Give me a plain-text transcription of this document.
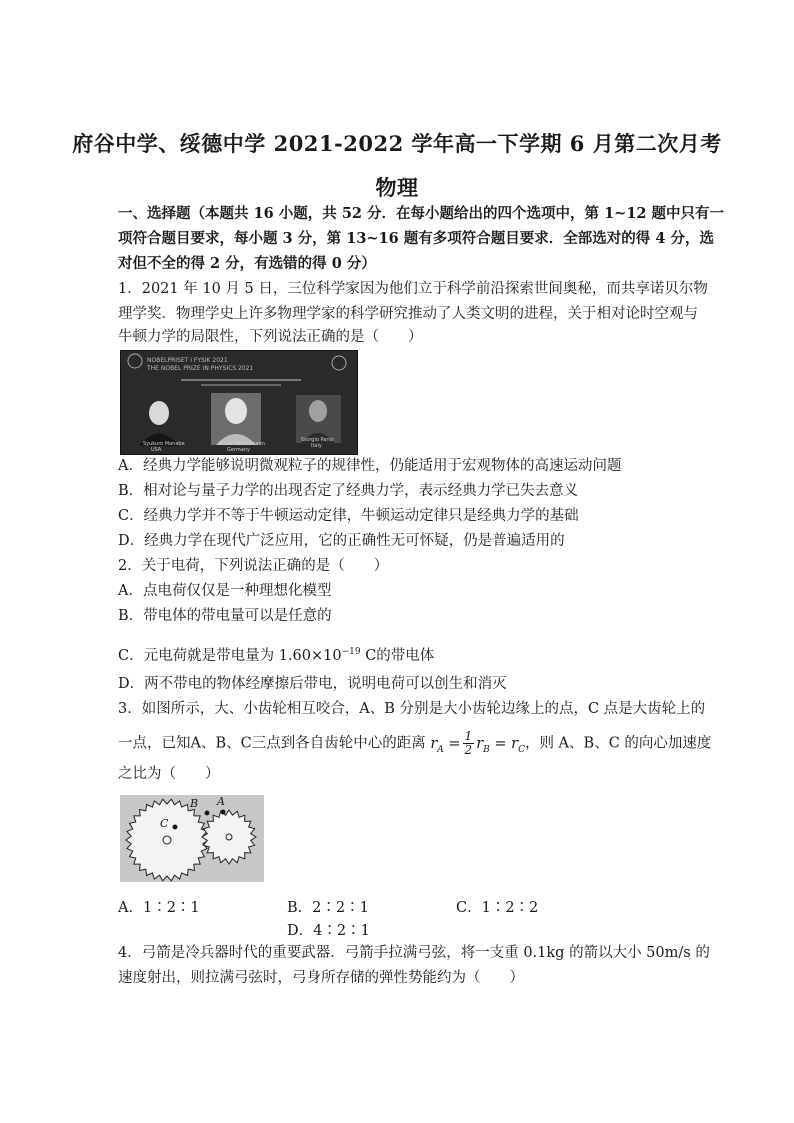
府谷中学、绥德中学 2021-2022 学年高一下学期 6 月第二次月考
物理
一、选择题（本题共 16 小题，共 52 分．在每小题给出的四个选项中，第 1~12 题中只有一
项符合题目要求，每小题 3 分，第 13~16 题有多项符合题目要求．全部选对的得 4 分，选
对但不全的得 2 分，有选错的得 0 分）
1．2021 年 10 月 5 日，三位科学家因为他们立于科学前沿探索世间奥秘，而共享诺贝尔物
理学奖．物理学史上许多物理学家的科学研究推动了人类文明的进程，关于相对论时空观与
牛顿力学的局限性，下列说法正确的是（　　）
NOBELPRISET I FYSIK 2021
THE NOBEL PRIZE IN PHYSICS 2021
Syukuro Manabe
USA
Klaus Hasselmann
Germany
Giorgio Parisi
Italy
A．经典力学能够说明微观粒子的规律性，仍能适用于宏观物体的高速运动问题
B．相对论与量子力学的出现否定了经典力学，表示经典力学已失去意义
C．经典力学并不等于牛顿运动定律，牛顿运动定律只是经典力学的基础
D．经典力学在现代广泛应用，它的正确性无可怀疑，仍是普遍适用的
2．关于电荷，下列说法正确的是（　　）
A．点电荷仅仅是一种理想化模型
B．带电体的带电量可以是任意的
C．元电荷就是带电量为 $1.60\times 10^{-19}$ C的带电体
D．两不带电的物体经摩擦后带电，说明电荷可以创生和消灭
3．如图所示，大、小齿轮相互咬合，A、B 分别是大小齿轮边缘上的点，C 点是大齿轮上的
一点，已知A、B、C三点到各自齿轮中心的距离 $r_A = \frac{1}{2} r_B = r_C$，则 A、B、C 的向心加速度
之比为（　　）
B A
C
A．1∶2∶1	B．2∶2∶1	C．1∶2∶2
D．4∶2∶1
4．弓箭是冷兵器时代的重要武器．弓箭手拉满弓弦，将一支重 0.1kg 的箭以大小 50m/s 的
速度射出，则拉满弓弦时，弓身所存储的弹性势能约为（　　）
